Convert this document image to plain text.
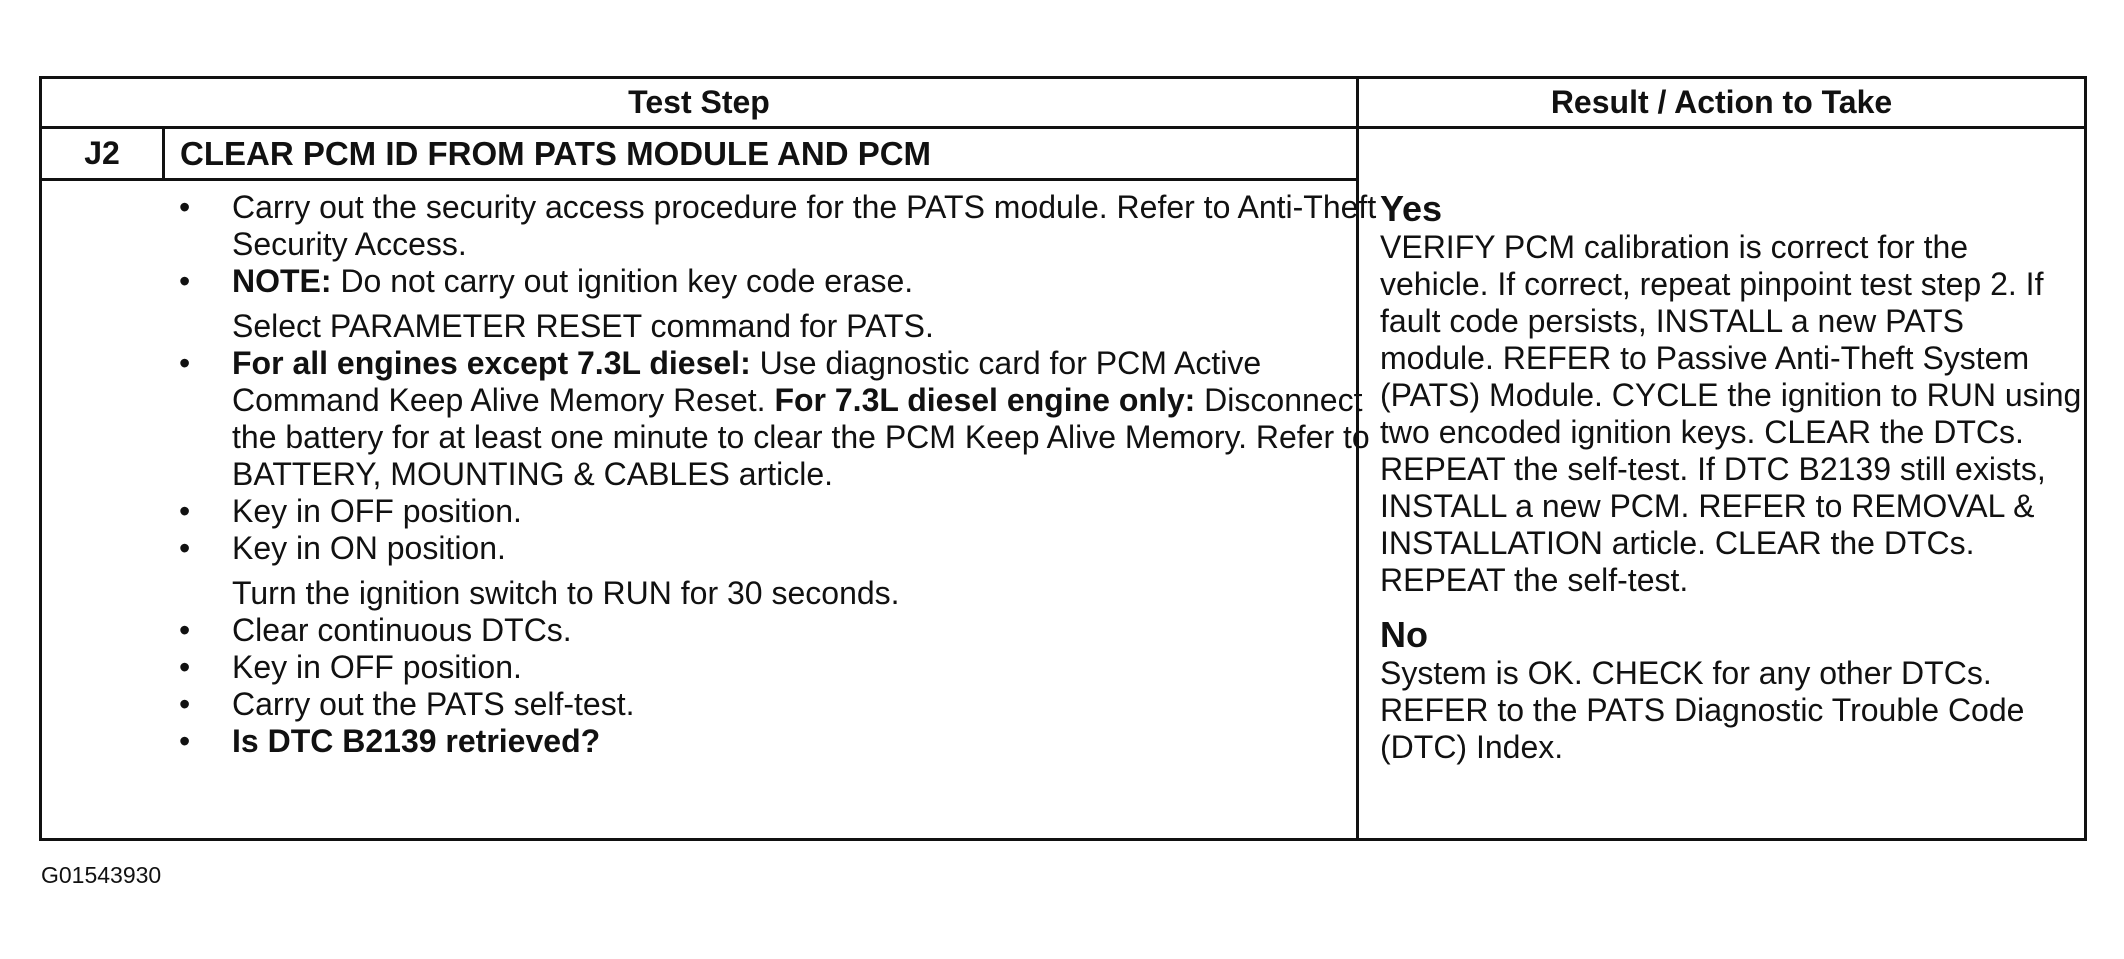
Test Step	Result / Action to Take
J2	CLEAR PCM ID FROM PATS MODULE AND PCM

• Carry out the security access procedure for the PATS module. Refer to Anti-Theft Security Access.

• NOTE: Do not carry out ignition key code erase.

Select PARAMETER RESET command for PATS.

• For all engines except 7.3L diesel: Use diagnostic card for PCM Active Command Keep Alive Memory Reset. For 7.3L diesel engine only: Disconnect the battery for at least one minute to clear the PCM Keep Alive Memory. Refer to BATTERY, MOUNTING & CABLES article.

• Key in OFF position.

• Key in ON position.

Turn the ignition switch to RUN for 30 seconds.

• Clear continuous DTCs.

• Key in OFF position.

• Carry out the PATS self-test.

• Is DTC B2139 retrieved?

Yes

VERIFY PCM calibration is correct for the vehicle. If correct, repeat pinpoint test step 2. If fault code persists, INSTALL a new PATS module. REFER to Passive Anti-Theft System (PATS) Module. CYCLE the ignition to RUN using two encoded ignition keys. CLEAR the DTCs. REPEAT the self-test. If DTC B2139 still exists, INSTALL a new PCM. REFER to REMOVAL & INSTALLATION article. CLEAR the DTCs. REPEAT the self-test.

No

System is OK. CHECK for any other DTCs. REFER to the PATS Diagnostic Trouble Code (DTC) Index.

G01543930
